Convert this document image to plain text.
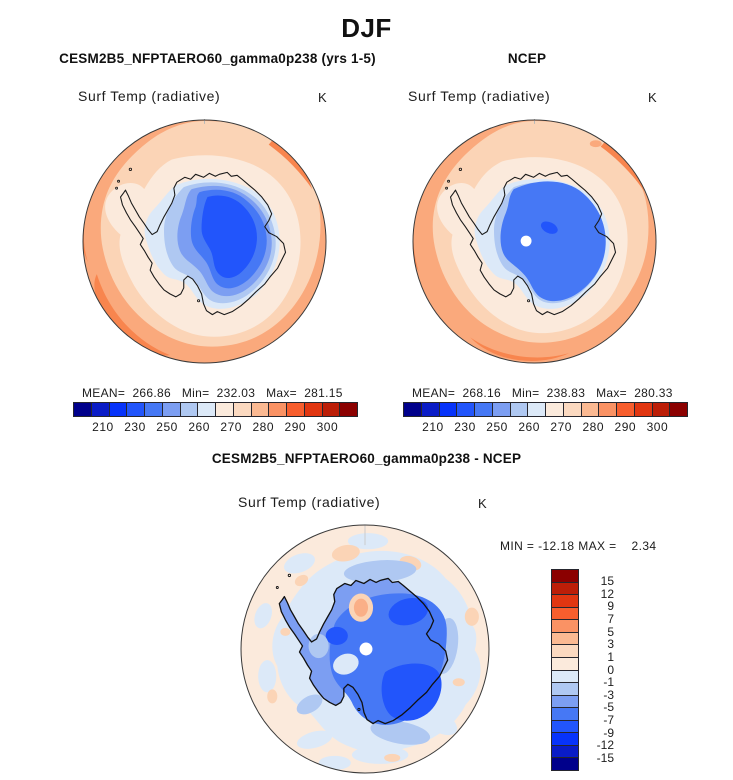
DJF
CESM2B5_NFPTAERO60_gamma0p238 (yrs 1-5)	NCEP
Surf Temp (radiative)	K	Surf Temp (radiative)	K
MEAN=  266.86   Min=  232.03   Max=  281.15	MEAN=  268.16   Min=  238.83   Max=  280.33
210 230 250 260 270 280 290 300	210 230 250 260 270 280 290 300
CESM2B5_NFPTAERO60_gamma0p238 - NCEP
Surf Temp (radiative)	K
MIN = -12.18 MAX =    2.34
15
12
9
7
5
3
1
0
-1
-3
-5
-7
-9
-12
-15
